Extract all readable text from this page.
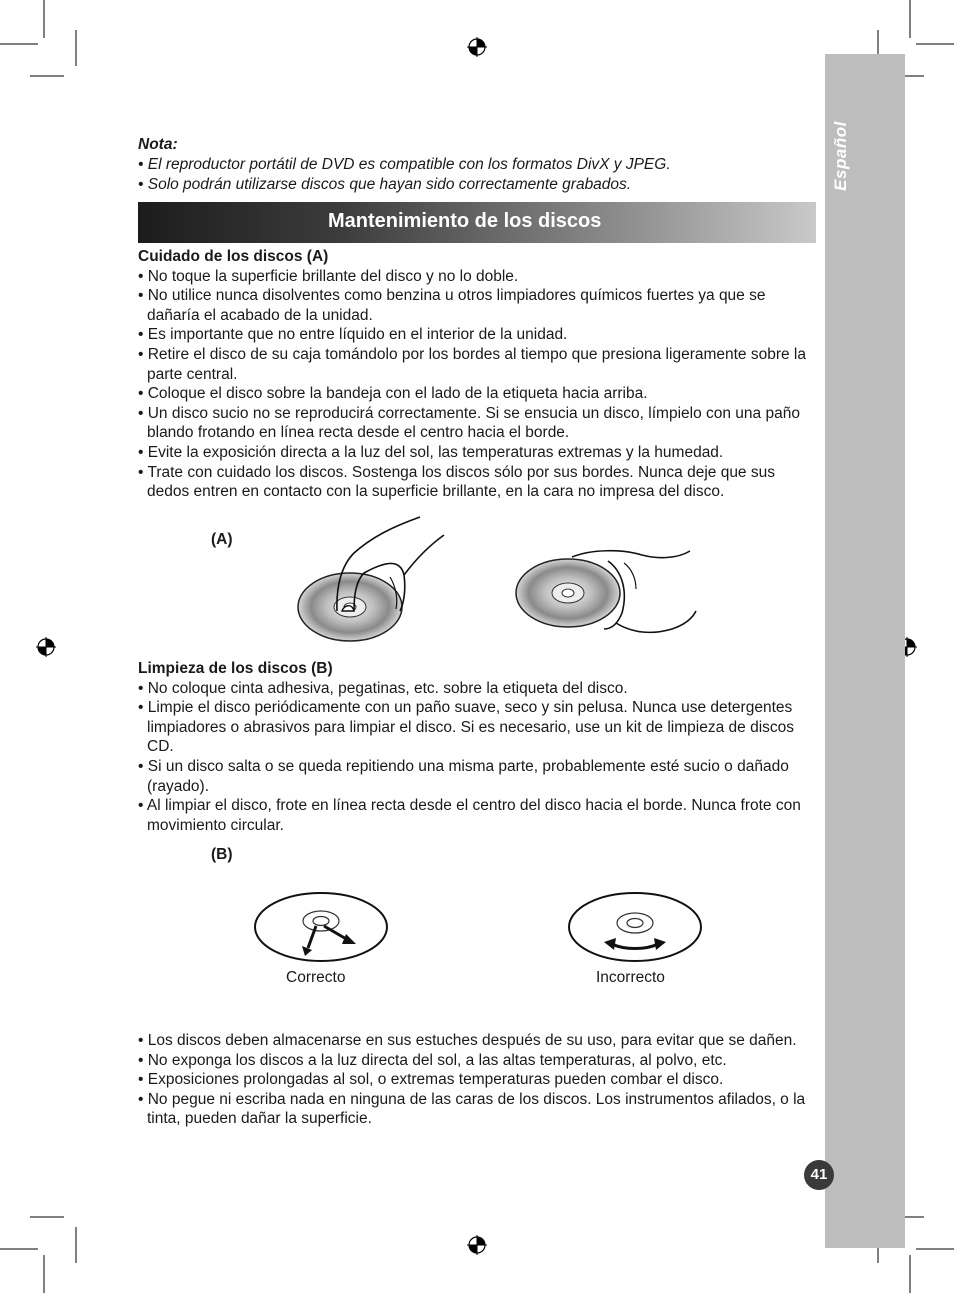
Español
41
Nota:
• El reproductor portátil de DVD es compatible con los formatos DivX y JPEG.
• Solo podrán utilizarse discos que hayan sido correctamente grabados.
Mantenimiento de los discos

Cuidado de los discos (A)

• No toque la superficie brillante del disco y no lo doble.

• No utilice nunca disolventes como benzina u otros limpiadores químicos fuertes ya que se dañaría el acabado de la unidad.

• Es importante que no entre líquido en el interior de la unidad.

• Retire el disco de su caja tomándolo por los bordes al tiempo que presiona ligeramente sobre la parte central.

• Coloque el disco sobre la bandeja con el lado de la etiqueta hacia arriba.

• Un disco sucio no se reproducirá correctamente. Si se ensucia un disco, límpielo con una paño blando frotando en línea recta desde el centro hacia el borde.

• Evite la exposición directa a la luz del sol, las temperaturas extremas y la humedad.

• Trate con cuidado los discos. Sostenga los discos sólo por sus bordes. Nunca deje que sus dedos entren en contacto con la superficie brillante, en la cara no impresa del disco.

(A)

Limpieza de los discos (B)

• No coloque cinta adhesiva, pegatinas, etc. sobre la etiqueta del disco.

• Limpie el disco periódicamente con un paño suave, seco y sin pelusa. Nunca use detergentes limpiadores o abrasivos para limpiar el disco. Si es necesario, use un kit de limpieza de discos CD.

• Si un disco salta o se queda repitiendo una misma parte, probablemente esté sucio o dañado (rayado).

• Al limpiar el disco, frote en línea recta desde el centro del disco hacia el borde. Nunca frote con movimiento circular.

(B)
Correcto	Incorrecto

• Los discos deben almacenarse en sus estuches después de su uso, para evitar que se dañen.

• No exponga los discos a la luz directa del sol, a las altas temperaturas, al polvo, etc.

• Exposiciones prolongadas al sol, o extremas temperaturas pueden combar el disco.

• No pegue ni escriba nada en ninguna de las caras de los discos. Los instrumentos afilados, o la tinta, pueden dañar la superficie.
